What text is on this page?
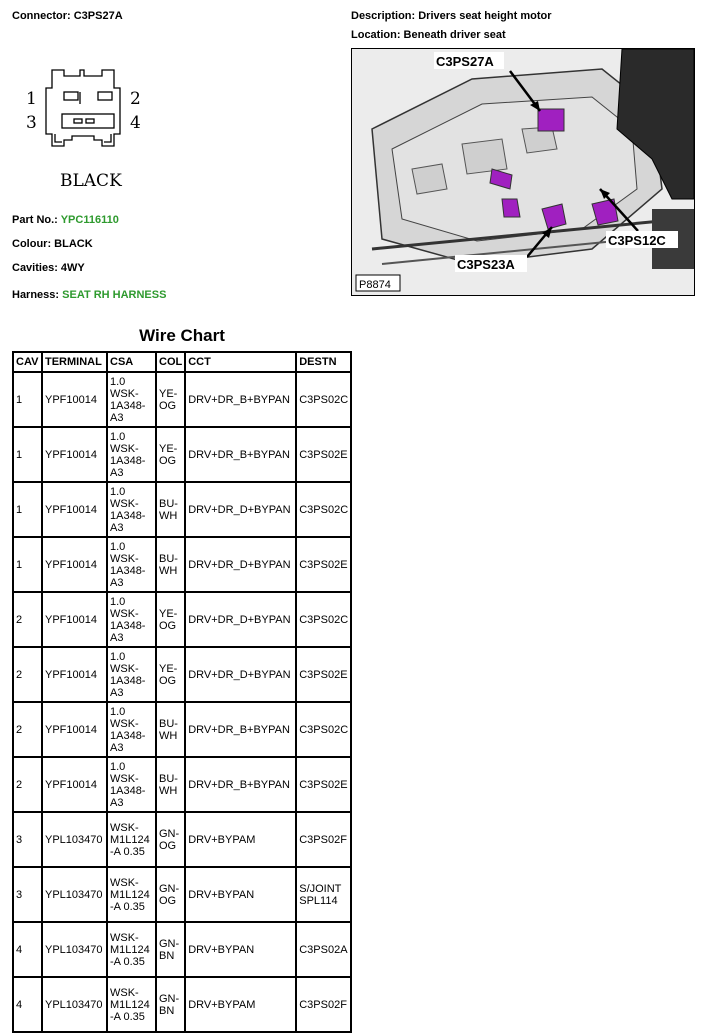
Connector: C3PS27A	Description: Drivers seat height motor
Location: Beneath driver seat
1	2
3	4
BLACK
Part No.: YPC116110
Colour: BLACK
Cavities: 4WY
Harness: SEAT RH HARNESS
C3PS27A
C3PS12C
C3PS23A
P8874
Wire Chart
CAV	TERMINAL	CSA	COL	CCT	DESTN
1	YPF10014	1.0 WSK-1A348-A3	YE-OG	DRV+DR_B+BYPAN	C3PS02C
1	YPF10014	1.0 WSK-1A348-A3	YE-OG	DRV+DR_B+BYPAN	C3PS02E
1	YPF10014	1.0 WSK-1A348-A3	BU-WH	DRV+DR_D+BYPAN	C3PS02C
1	YPF10014	1.0 WSK-1A348-A3	BU-WH	DRV+DR_D+BYPAN	C3PS02E
2	YPF10014	1.0 WSK-1A348-A3	YE-OG	DRV+DR_D+BYPAN	C3PS02C
2	YPF10014	1.0 WSK-1A348-A3	YE-OG	DRV+DR_D+BYPAN	C3PS02E
2	YPF10014	1.0 WSK-1A348-A3	BU-WH	DRV+DR_B+BYPAN	C3PS02C
2	YPF10014	1.0 WSK-1A348-A3	BU-WH	DRV+DR_B+BYPAN	C3PS02E
3	YPL103470	WSK-M1L124-A 0.35	GN-OG	DRV+BYPAM	C3PS02F
3	YPL103470	WSK-M1L124-A 0.35	GN-OG	DRV+BYPAN	S/JOINT SPL114
4	YPL103470	WSK-M1L124-A 0.35	GN-BN	DRV+BYPAN	C3PS02A
4	YPL103470	WSK-M1L124-A 0.35	GN-BN	DRV+BYPAM	C3PS02F
